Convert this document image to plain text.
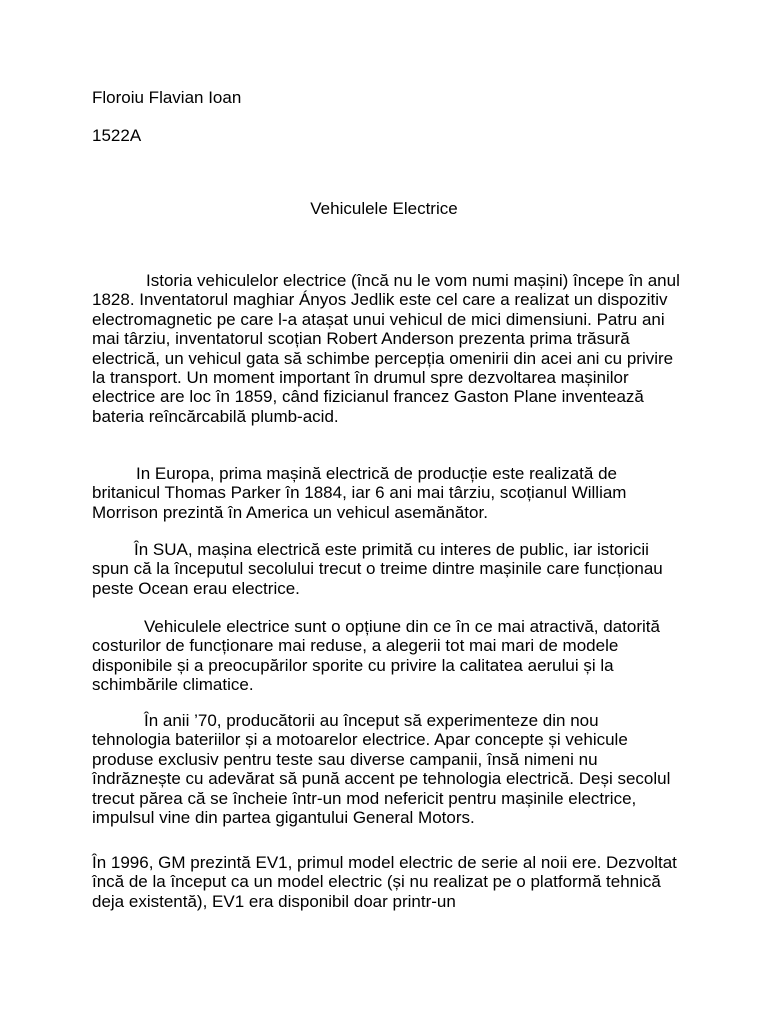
Floroiu Flavian Ioan
1522A
Vehiculele Electrice

Istoria vehiculelor electrice (încă nu le vom numi mașini) începe în anul 1828. Inventatorul maghiar Ányos Jedlik este cel care a realizat un dispozitiv electromagnetic pe care l-a atașat unui vehicul de mici dimensiuni. Patru ani mai târziu, inventatorul scoțian Robert Anderson prezenta prima trăsură electrică, un vehicul gata să schimbe percepția omenirii din acei ani cu privire la transport. Un moment important în drumul spre dezvoltarea mașinilor electrice are loc în 1859, când fizicianul francez Gaston Plane inventează bateria reîncărcabilă plumb-acid.

In Europa, prima mașină electrică de producție este realizată de britanicul Thomas Parker în 1884, iar 6 ani mai târziu, scoțianul William Morrison prezintă în America un vehicul asemănător.

În SUA, mașina electrică este primită cu interes de public, iar istoricii spun că la începutul secolului trecut o treime dintre mașinile care funcționau peste Ocean erau electrice.

Vehiculele electrice sunt o opțiune din ce în ce mai atractivă, datorită costurilor de funcționare mai reduse, a alegerii tot mai mari de modele disponibile și a preocupărilor sporite cu privire la calitatea aerului și la schimbările climatice.

În anii ’70, producătorii au început să experimenteze din nou tehnologia bateriilor și a motoarelor electrice. Apar concepte și vehicule produse exclusiv pentru teste sau diverse campanii, însă nimeni nu îndrăznește cu adevărat să pună accent pe tehnologia electrică. Deși secolul trecut părea că se încheie într-un mod nefericit pentru mașinile electrice, impulsul vine din partea gigantului General Motors.

În 1996, GM prezintă EV1, primul model electric de serie al noii ere. Dezvoltat încă de la început ca un model electric (și nu realizat pe o platformă tehnică deja existentă), EV1 era disponibil doar printr-un
